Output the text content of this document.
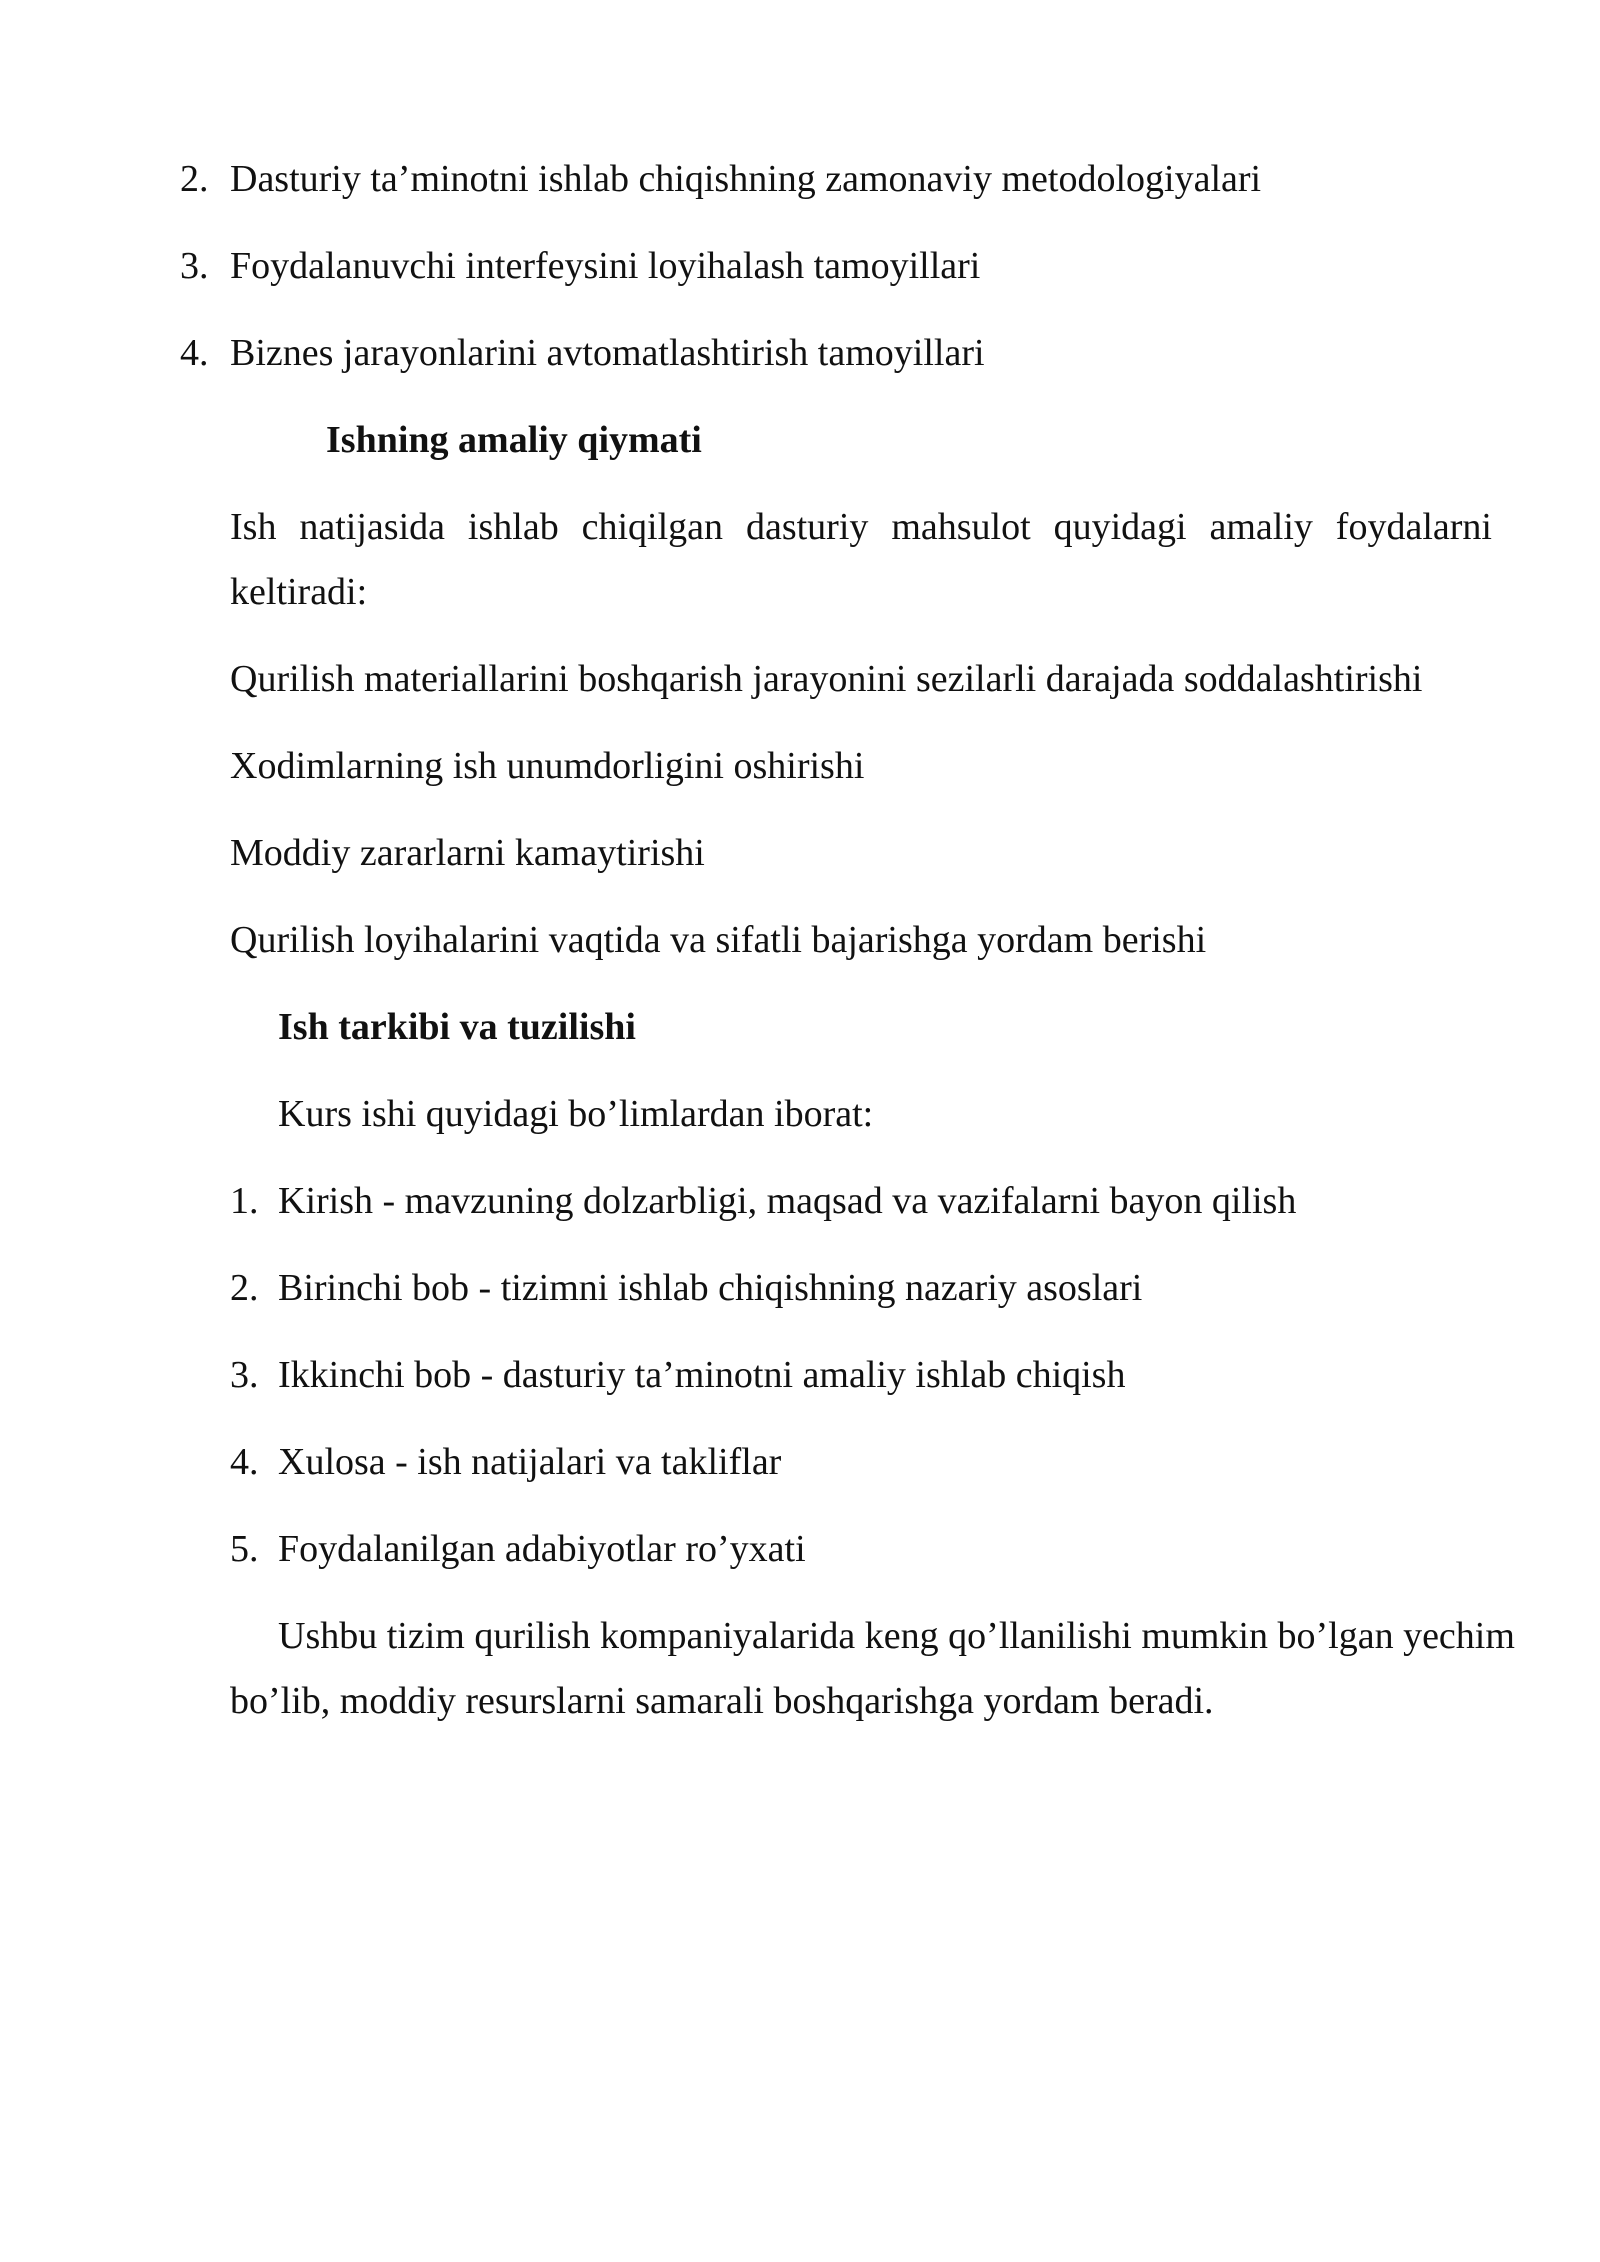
2. Dasturiy ta’minotni ishlab chiqishning zamonaviy metodologiyalari
3. Foydalanuvchi interfeysini loyihalash tamoyillari
4. Biznes jarayonlarini avtomatlashtirish tamoyillari
Ishning amaliy qiymati
Ish natijasida ishlab chiqilgan dasturiy mahsulot quyidagi amaliy foydalarni
keltiradi:
Qurilish materiallarini boshqarish jarayonini sezilarli darajada soddalashtirishi
Xodimlarning ish unumdorligini oshirishi
Moddiy zararlarni kamaytirishi
Qurilish loyihalarini vaqtida va sifatli bajarishga yordam berishi
Ish tarkibi va tuzilishi
Kurs ishi quyidagi bo’limlardan iborat:
1. Kirish - mavzuning dolzarbligi, maqsad va vazifalarni bayon qilish
2. Birinchi bob - tizimni ishlab chiqishning nazariy asoslari
3. Ikkinchi bob - dasturiy ta’minotni amaliy ishlab chiqish
4. Xulosa - ish natijalari va takliflar
5. Foydalanilgan adabiyotlar ro’yxati
Ushbu tizim qurilish kompaniyalarida keng qo’llanilishi mumkin bo’lgan yechim
bo’lib, moddiy resurslarni samarali boshqarishga yordam beradi.
